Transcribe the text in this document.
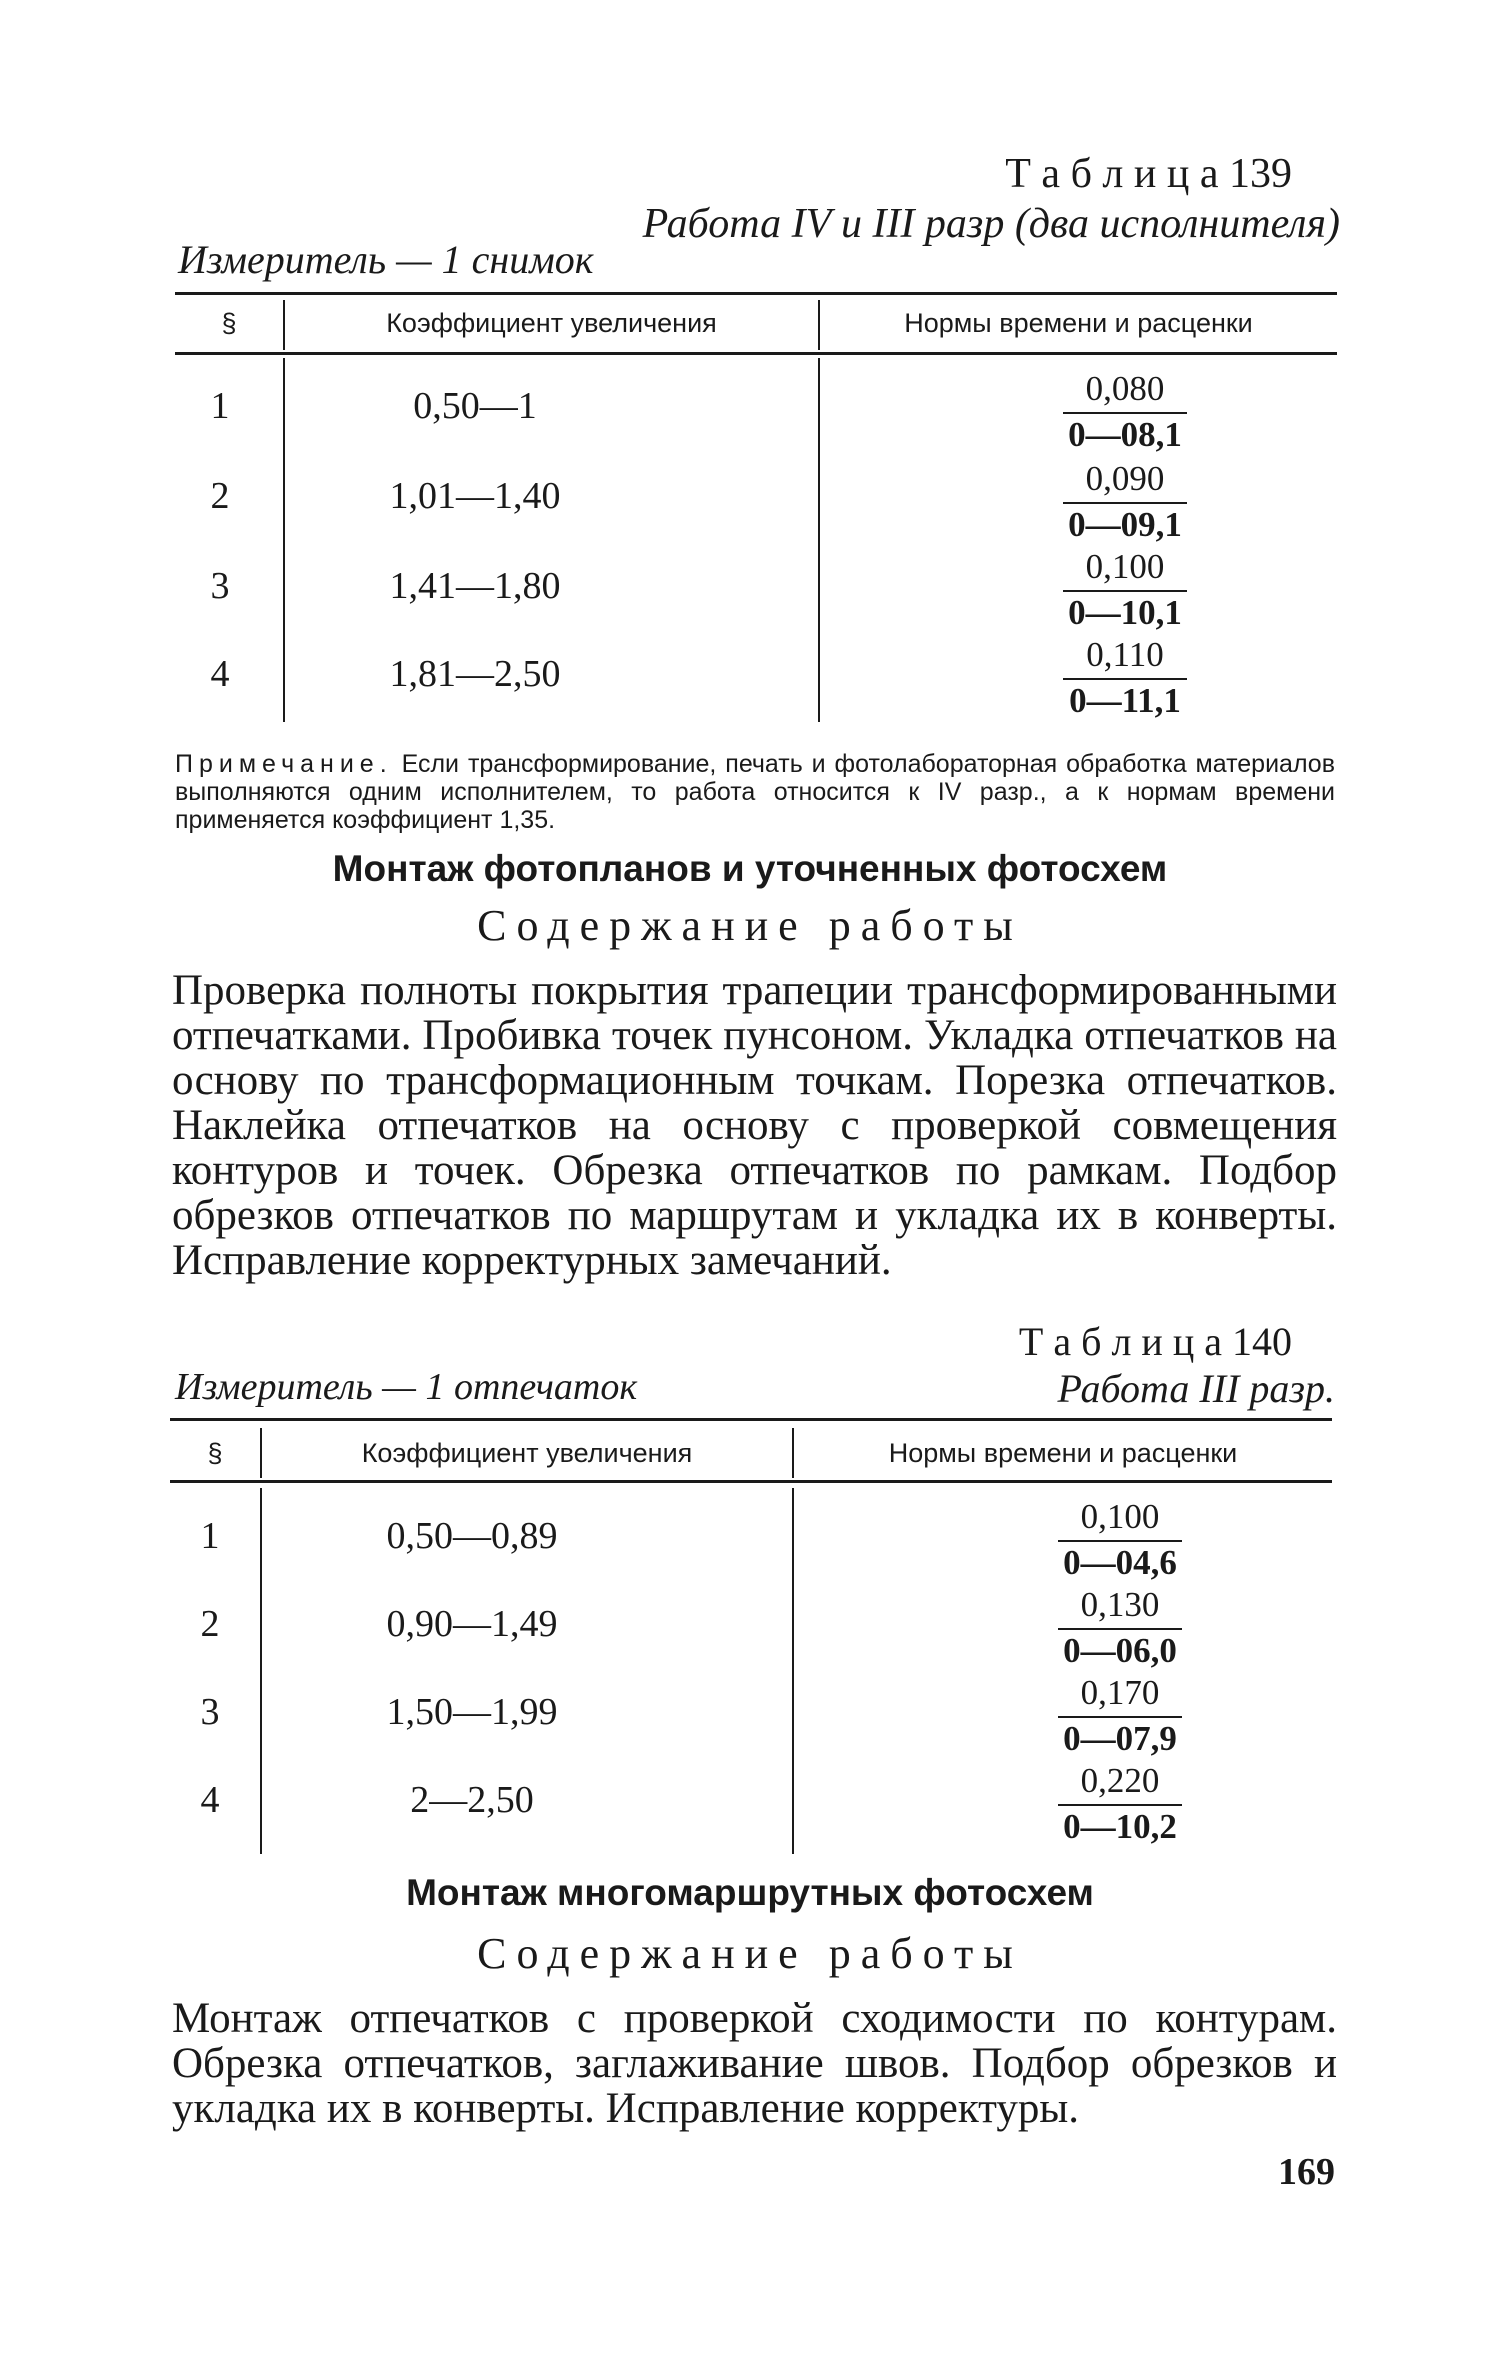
Т а б л и ц а 139
Работа IV и III разр (два исполнителя)
Измеритель — 1 снимок
§	Коэффициент увеличения	Нормы времени и расценки
1	0,50—1	0,080
0—08,1
2	1,01—1,40	0,090
0—09,1
3	1,41—1,80	0,100
0—10,1
4	1,81—2,50	0,110
0—11,1
Примечание. Если трансформирование, печать и фотолабораторная обработка материалов выполняются одним исполнителем, то работа относится к IV разр., а к нормам времени применяется коэффициент 1,35.
Монтаж фотопланов и уточненных фотосхем
Содержание работы
Проверка полноты покрытия трапеции трансформированными отпечатками. Пробивка точек пунсоном. Укладка отпечатков на основу по трансформационным точкам. Порезка отпечатков. Наклейка отпечатков на основу с проверкой совмещения контуров и точек. Обрезка отпечатков по рамкам. Подбор обрезков отпечатков по маршрутам и укладка их в конверты. Исправление корректурных замечаний.
Т а б л и ц а 140
Измеритель — 1 отпечаток	Работа III разр.
§	Коэффициент увеличения	Нормы времени и расценки
1	0,50—0,89	0,100
0—04,6
2	0,90—1,49	0,130
0—06,0
3	1,50—1,99	0,170
0—07,9
4	2—2,50	0,220
0—10,2
Монтаж многомаршрутных фотосхем
Содержание работы
Монтаж отпечатков с проверкой сходимости по контурам. Обрезка отпечатков, заглаживание швов. Подбор обрезков и укладка их в конверты. Исправление корректуры.
169
